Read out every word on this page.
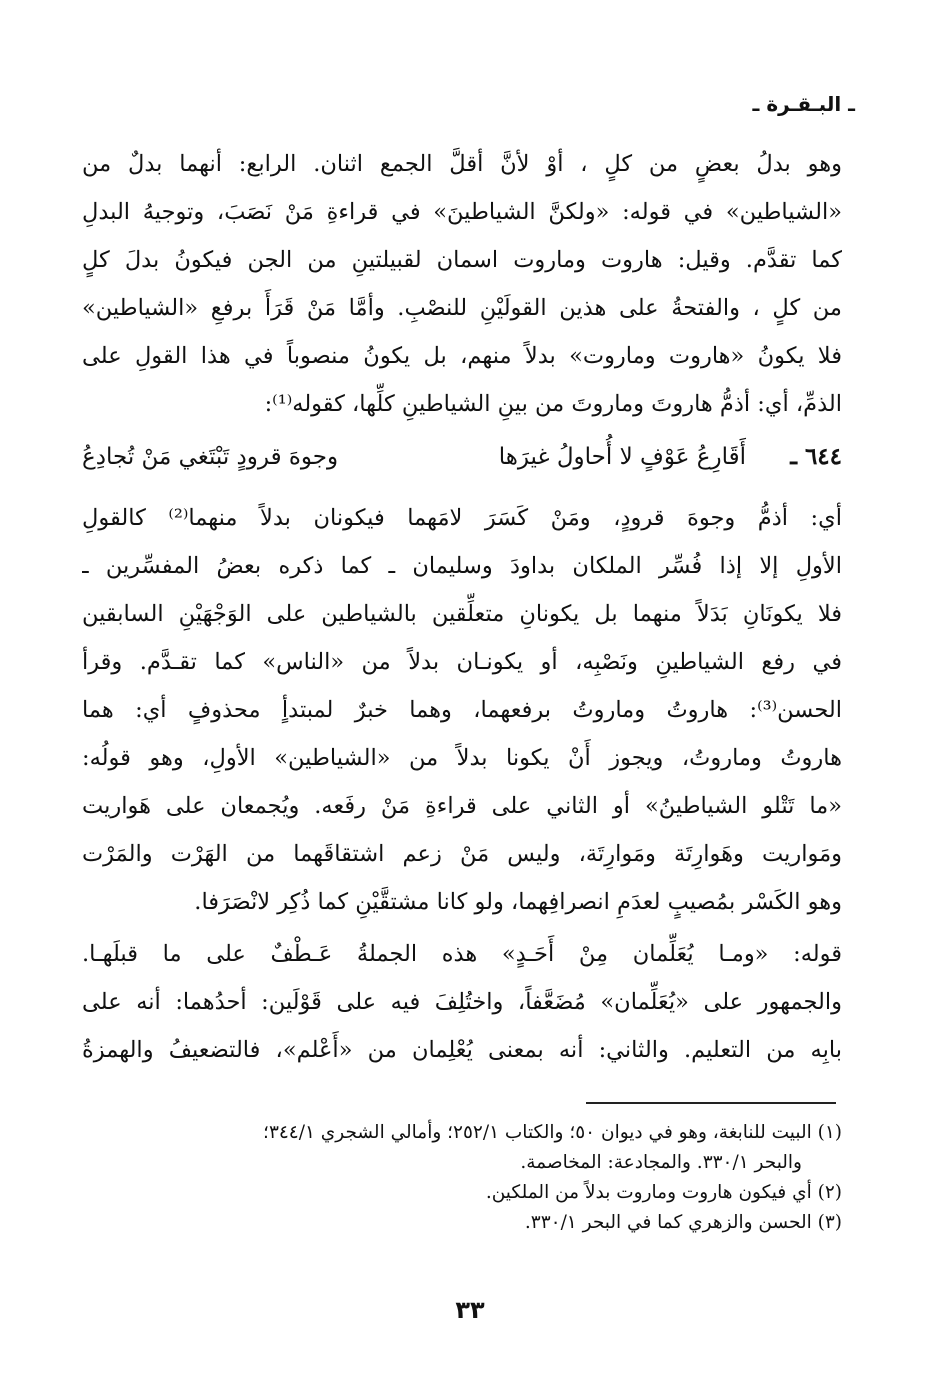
ـ البـقـرة ـ
وهو بدلُ بعضٍ من كلٍ ، أوْ لأنَّ أقلَّ الجمع اثنان. الرابع: أنهما بدلٌ من
«الشياطين» في قوله: «ولكنَّ الشياطينَ» في قراءةِ مَنْ نَصَبَ، وتوجيهُ البدلِ
كما تقدَّم. وقيل: هاروت وماروت اسمان لقبيلتينِ من الجن فيكونُ بدلَ كلٍ
من كلٍ ، والفتحةُ على هذين القولَيْنِ للنصْبِ. وأمَّا مَنْ قَرَأَ برفعِ «الشياطين»
فلا يكونُ «هاروت وماروت» بدلاً منهم، بل يكونُ منصوباً في هذا القولِ على
الذمِّ، أي: أذمُّ هاروتَ وماروتَ من بينِ الشياطينِ كلِّها، كقوله⁽¹⁾:
٦٤٤ ـ
أَقَارِعُ عَوْفٍ لا أُحاولُ غيرَها
وجوهَ قرودٍ تَبْتَغي مَنْ تُجادِعُ
أي: أذمُّ وجوهَ قرودٍ، ومَنْ كَسَرَ لامَهما فيكونان بدلاً منهما⁽²⁾ كالقولِ
الأولِ إلا إذا فُسِّر الملكان بداودَ وسليمان ـ كما ذكره بعضُ المفسِّرين ـ
فلا يكونَانِ بَدَلاً منهما بل يكونانِ متعلِّقين بالشياطين على الوَجْهَيْنِ السابقين
في رفع الشياطينِ ونَصْبِه، أو يكونـان بدلاً من «الناس» كما تقـدَّم. وقرأ
الحسن⁽³⁾: هاروتُ وماروتُ برفعهما، وهما خبرٌ لمبتدأٍ محذوفٍ أي: هما
هاروتُ وماروتُ، ويجوز أَنْ يكونا بدلاً من «الشياطين» الأولِ، وهو قولُه:
«ما تَتْلو الشياطينُ» أو الثاني على قراءةِ مَنْ رفَعه. ويُجمعان على هَواريت
ومَواريت وهَوارِتَة ومَوارِتَة، وليس مَنْ زعم اشتقاقَهما من الهَرْت والمَرْت
وهو الكَسْر بمُصيبٍ لعدَمِ انصرافِهما، ولو كانا مشتقَّيْنِ كما ذُكِر لانْصَرَفا.
قوله: «ومـا يُعَلِّمان مِنْ أَحَـدٍ» هذه الجملةُ عَـطْفٌ على ما قبلَهـا.
والجمهور على «يُعَلِّمان» مُضَعَّفاً، واختُلِفَ فيه على قَوْلَين: أحدُهما: أنه على
بابِه من التعليم. والثاني: أنه بمعنى يُعْلِمان من «أَعْلم»، فالتضعيفُ والهمزةُ
(١) البيت للنابغة، وهو في ديوان ٥٠؛ والكتاب ٢٥٢/١؛ وأمالي الشجري ٣٤٤/١؛
والبحر ٣٣٠/١. والمجادعة: المخاصمة.
(٢) أي فيكون هاروت وماروت بدلاً من الملكين.
(٣) الحسن والزهري كما في البحر ٣٣٠/١.
٣٣
